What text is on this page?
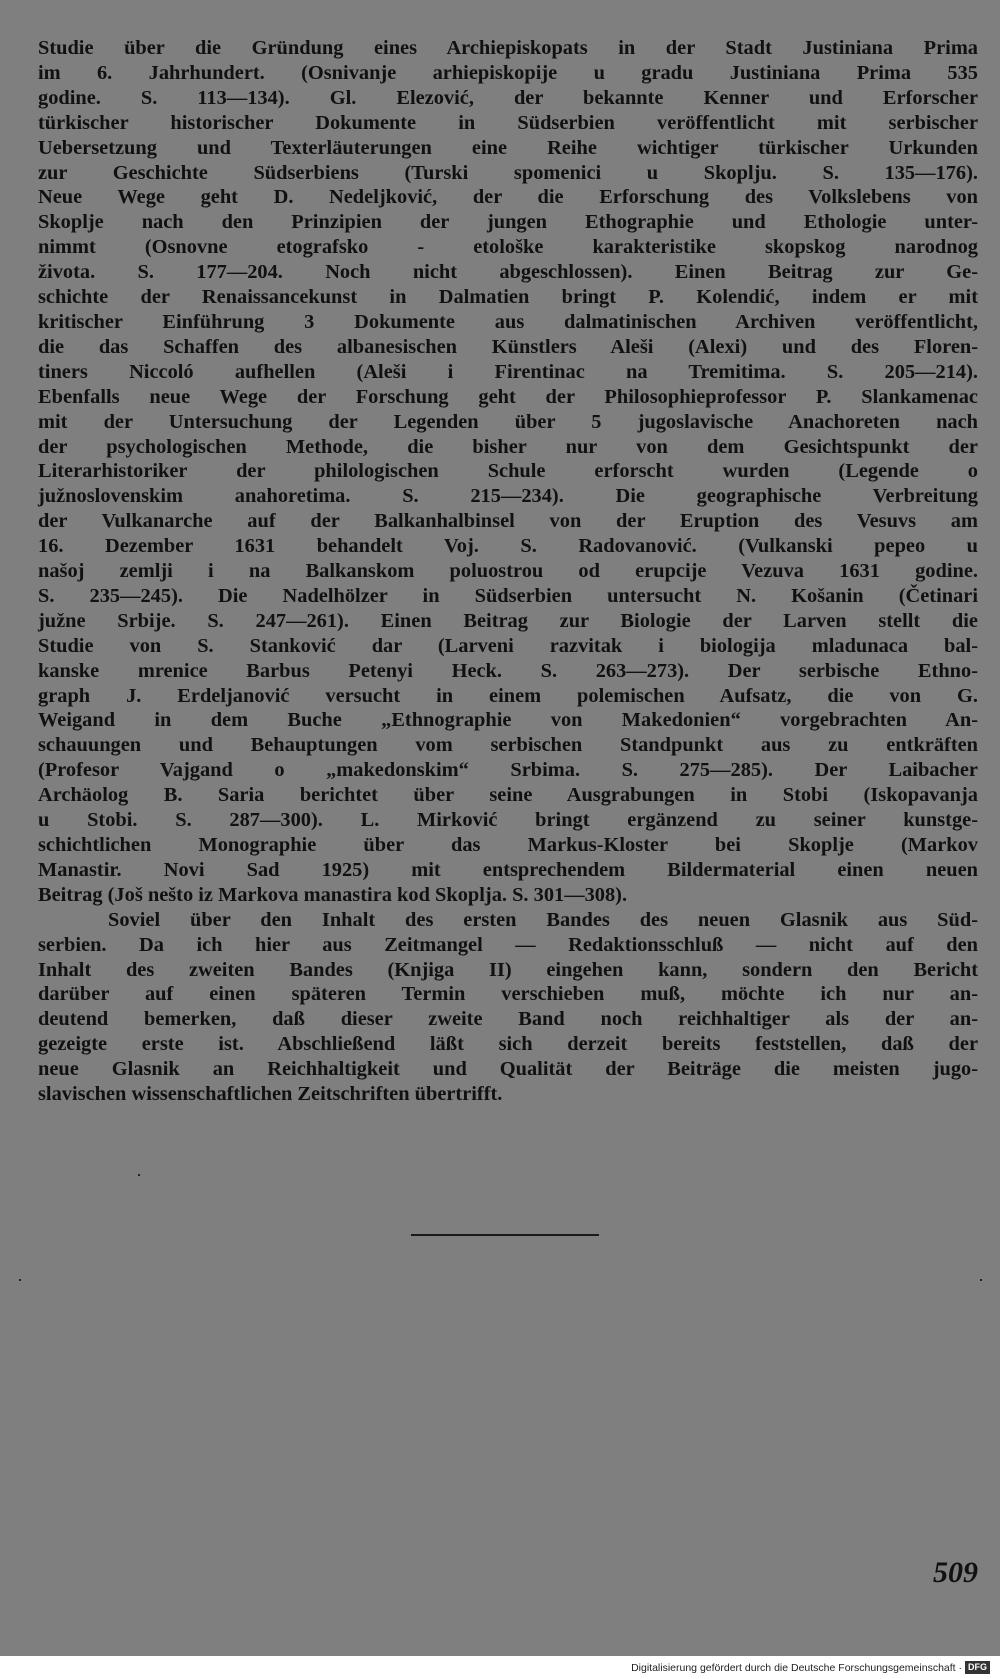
Studie über die Gründung eines Archiepiskopats in der Stadt Justiniana Prima
im 6. Jahrhundert. (Osnivanje arhiepiskopije u gradu Justiniana Prima 535
godine. S. 113—134). Gl. Elezović, der bekannte Kenner und Erforscher
türkischer historischer Dokumente in Südserbien veröffentlicht mit serbischer
Uebersetzung und Texterläuterungen eine Reihe wichtiger türkischer Urkunden
zur Geschichte Südserbiens (Turski spomenici u Skoplju. S. 135—176).
Neue Wege geht D. Nedeljković, der die Erforschung des Volkslebens von
Skoplje nach den Prinzipien der jungen Ethographie und Ethologie unter-
nimmt (Osnovne etografsko - etološke karakteristike skopskog narodnog
života. S. 177—204. Noch nicht abgeschlossen). Einen Beitrag zur Ge-
schichte der Renaissancekunst in Dalmatien bringt P. Kolendić, indem er mit
kritischer Einführung 3 Dokumente aus dalmatinischen Archiven veröffentlicht,
die das Schaffen des albanesischen Künstlers Aleši (Alexi) und des Floren-
tiners Niccoló aufhellen (Aleši i Firentinac na Tremitima. S. 205—214).
Ebenfalls neue Wege der Forschung geht der Philosophieprofessor P. Slankamenac
mit der Untersuchung der Legenden über 5 jugoslavische Anachoreten nach
der psychologischen Methode, die bisher nur von dem Gesichtspunkt der
Literarhistoriker der philologischen Schule erforscht wurden (Legende o
južnoslovenskim anahoretima. S. 215—234). Die geographische Verbreitung
der Vulkanarche auf der Balkanhalbinsel von der Eruption des Vesuvs am
16. Dezember 1631 behandelt Voj. S. Radovanović. (Vulkanski pepeo u
našoj zemlji i na Balkanskom poluostrou od erupcije Vezuva 1631 godine.
S. 235—245). Die Nadelhölzer in Südserbien untersucht N. Košanin (Četinari
južne Srbije. S. 247—261). Einen Beitrag zur Biologie der Larven stellt die
Studie von S. Stanković dar (Larveni razvitak i biologija mladunaca bal-
kanske mrenice Barbus Petenyi Heck. S. 263—273). Der serbische Ethno-
graph J. Erdeljanović versucht in einem polemischen Aufsatz, die von G.
Weigand in dem Buche „Ethnographie von Makedonien“ vorgebrachten An-
schauungen und Behauptungen vom serbischen Standpunkt aus zu entkräften
(Profesor Vajgand o „makedonskim“ Srbima. S. 275—285). Der Laibacher
Archäolog B. Saria berichtet über seine Ausgrabungen in Stobi (Iskopavanja
u Stobi. S. 287—300). L. Mirković bringt ergänzend zu seiner kunstge-
schichtlichen Monographie über das Markus-Kloster bei Skoplje (Markov
Manastir. Novi Sad 1925) mit entsprechendem Bildermaterial einen neuen
Beitrag (Još nešto iz Markova manastira kod Skoplja. S. 301—308).
Soviel über den Inhalt des ersten Bandes des neuen Glasnik aus Süd-
serbien. Da ich hier aus Zeitmangel — Redaktionsschluß — nicht auf den
Inhalt des zweiten Bandes (Knjiga II) eingehen kann, sondern den Bericht
darüber auf einen späteren Termin verschieben muß, möchte ich nur an-
deutend bemerken, daß dieser zweite Band noch reichhaltiger als der an-
gezeigte erste ist. Abschließend läßt sich derzeit bereits feststellen, daß der
neue Glasnik an Reichhaltigkeit und Qualität der Beiträge die meisten jugo-
slavischen wissenschaftlichen Zeitschriften übertrifft.
509
Digitalisierung gefördert durch die Deutsche Forschungsgemeinschaft · DFG
